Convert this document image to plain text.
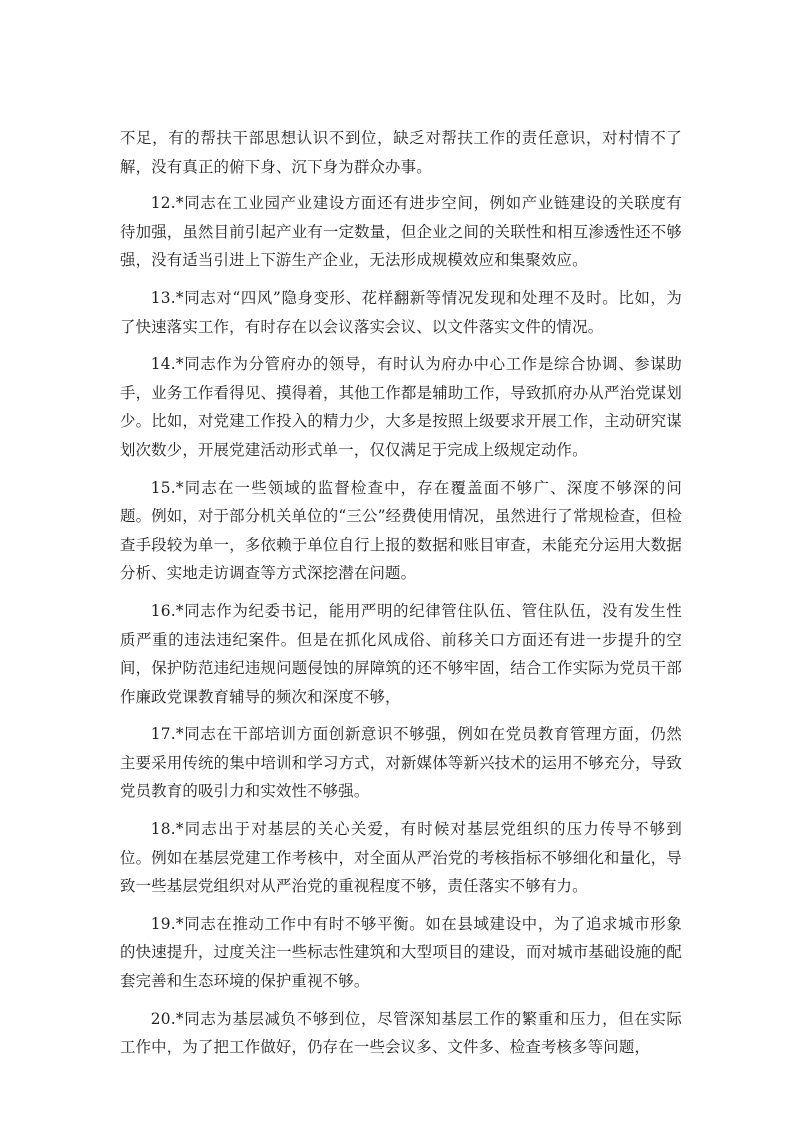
不足，有的帮扶干部思想认识不到位，缺乏对帮扶工作的责任意识，对村情不了解，没有真正的俯下身、沉下身为群众办事。

12.*同志在工业园产业建设方面还有进步空间，例如产业链建设的关联度有待加强，虽然目前引起产业有一定数量，但企业之间的关联性和相互渗透性还不够强，没有适当引进上下游生产企业，无法形成规模效应和集聚效应。

13.*同志对“四风”隐身变形、花样翻新等情况发现和处理不及时。比如，为了快速落实工作，有时存在以会议落实会议、以文件落实文件的情况。

14.*同志作为分管府办的领导，有时认为府办中心工作是综合协调、参谋助手，业务工作看得见、摸得着，其他工作都是辅助工作，导致抓府办从严治党谋划少。比如，对党建工作投入的精力少，大多是按照上级要求开展工作，主动研究谋划次数少，开展党建活动形式单一，仅仅满足于完成上级规定动作。

15.*同志在一些领域的监督检查中，存在覆盖面不够广、深度不够深的问题。例如，对于部分机关单位的“三公”经费使用情况，虽然进行了常规检查，但检查手段较为单一，多依赖于单位自行上报的数据和账目审查，未能充分运用大数据分析、实地走访调查等方式深挖潜在问题。

16.*同志作为纪委书记，能用严明的纪律管住队伍、管住队伍，没有发生性质严重的违法违纪案件。但是在抓化风成俗、前移关口方面还有进一步提升的空间，保护防范违纪违规问题侵蚀的屏障筑的还不够牢固，结合工作实际为党员干部作廉政党课教育辅导的频次和深度不够，

17.*同志在干部培训方面创新意识不够强，例如在党员教育管理方面，仍然主要采用传统的集中培训和学习方式，对新媒体等新兴技术的运用不够充分，导致党员教育的吸引力和实效性不够强。

18.*同志出于对基层的关心关爱，有时候对基层党组织的压力传导不够到位。例如在基层党建工作考核中，对全面从严治党的考核指标不够细化和量化，导致一些基层党组织对从严治党的重视程度不够，责任落实不够有力。

19.*同志在推动工作中有时不够平衡。如在县域建设中，为了追求城市形象的快速提升，过度关注一些标志性建筑和大型项目的建设，而对城市基础设施的配套完善和生态环境的保护重视不够。

20.*同志为基层减负不够到位，尽管深知基层工作的繁重和压力，但在实际工作中，为了把工作做好，仍存在一些会议多、文件多、检查考核多等问题，
